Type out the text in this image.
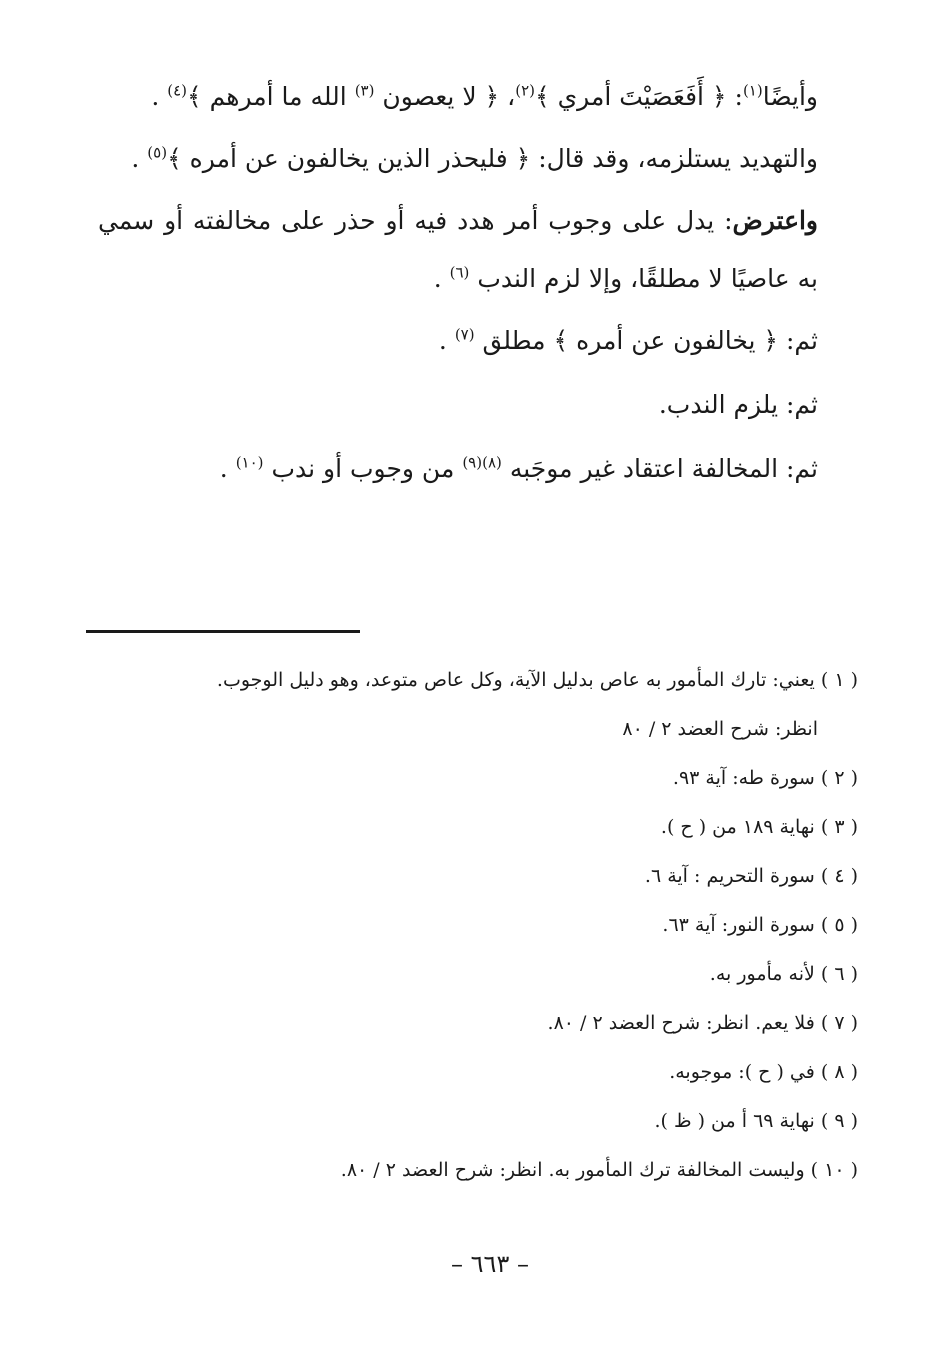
وأيضًا$^{(١)}$: ﴿ أَفَعَصَيْتَ أمري ﴾$^{(٢)}$، ﴿ لا يعصون $^{(٣)}$ الله ما أمرهم ﴾$^{(٤)}$ .

والتهديد يستلزمه، وقد قال: ﴿ فليحذر الذين يخالفون عن أمره ﴾$^{(٥)}$ .

واعترض: يدل على وجوب أمر هدد فيه أو حذر على مخالفته أو سمي به عاصيًا لا مطلقًا، وإلا لزم الندب $^{(٦)}$ .

ثم: ﴿ يخالفون عن أمره ﴾ مطلق $^{(٧)}$ .

ثم: يلزم الندب.

ثم: المخالفة اعتقاد غير موجَبه $^{(٨)(٩)}$ من وجوب أو ندب $^{(١٠)}$ .

( ١ ) يعني: تارك المأمور به عاص بدليل الآية، وكل عاص متوعد، وهو دليل الوجوب.

انظر: شرح العضد ٢ / ٨٠

( ٢ ) سورة طه: آية ٩٣.

( ٣ ) نهاية ١٨٩ من ( ح ).

( ٤ ) سورة التحريم : آية ٦.

( ٥ ) سورة النور: آية ٦٣.

( ٦ ) لأنه مأمور به.

( ٧ ) فلا يعم. انظر: شرح العضد ٢ / ٨٠.

( ٨ ) في ( ح ): موجوبه.

( ٩ ) نهاية ٦٩ أ من ( ظ ).

( ١٠ ) وليست المخالفة ترك المأمور به. انظر: شرح العضد ٢ / ٨٠.

– ٦٦٣ –
